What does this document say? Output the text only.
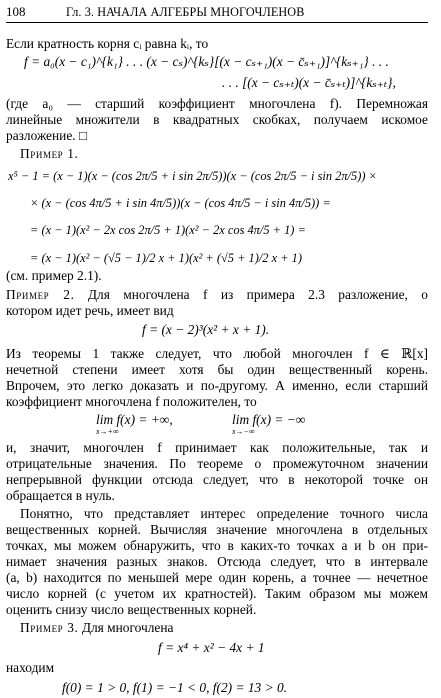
108	Гл. 3. НАЧАЛА АЛГЕБРЫ МНОГОЧЛЕНОВ
Если кратность корня cᵢ равна kᵢ, то
f = a₀(x − c₁)^{k₁} . . . (x − cₛ)^{kₛ}[(x − cₛ₊₁)(x − c̄ₛ₊₁)]^{kₛ₊₁} . . .
. . . [(x − cₛ₊ₜ)(x − c̄ₛ₊ₜ)]^{kₛ₊ₜ},
(где a₀ — старший коэффициент многочлена f). Перемножая
линейные множители в квадратных скобках, получаем искомое
разложение. □
Пример 1.
x⁵ − 1 = (x − 1)(x − (cos 2π/5 + i sin 2π/5))(x − (cos 2π/5 − i sin 2π/5)) ×
× (x − (cos 4π/5 + i sin 4π/5))(x − (cos 4π/5 − i sin 4π/5)) =
= (x − 1)(x² − 2x cos 2π/5 + 1)(x² − 2x cos 4π/5 + 1) =
= (x − 1)(x² − (√5 − 1)/2 x + 1)(x² + (√5 + 1)/2 x + 1)
(см. пример 2.1).
Пример 2. Для многочлена f из примера 2.3 разложение, о
котором идет речь, имеет вид
f = (x − 2)³(x² + x + 1).
Из теоремы 1 также следует, что любой многочлен f ∈ ℝ[x]
нечетной степени имеет хотя бы один вещественный корень.
Впрочем, это легко доказать и по-другому. А именно, если старший
коэффициент многочлена f положителен, то
lim f(x) = +∞,
x→+∞
lim f(x) = −∞
x→−∞
и, значит, многочлен f принимает как положительные, так и
отрицательные значения. По теореме о промежуточном значении
непрерывной функции отсюда следует, что в некоторой точке он
обращается в нуль.
Понятно, что представляет интерес определение точного числа
вещественных корней. Вычисляя значение многочлена в отдельных
точках, мы можем обнаружить, что в каких-то точках a и b он при-
нимает значения разных знаков. Отсюда следует, что в интервале
(a, b) находится по меньшей мере один корень, а точнее — нечетное
число корней (с учетом их кратностей). Таким образом мы можем
оценить снизу число вещественных корней.
Пример 3. Для многочлена
f = x⁴ + x² − 4x + 1
находим
f(0) = 1 > 0, f(1) = −1 < 0, f(2) = 13 > 0.
